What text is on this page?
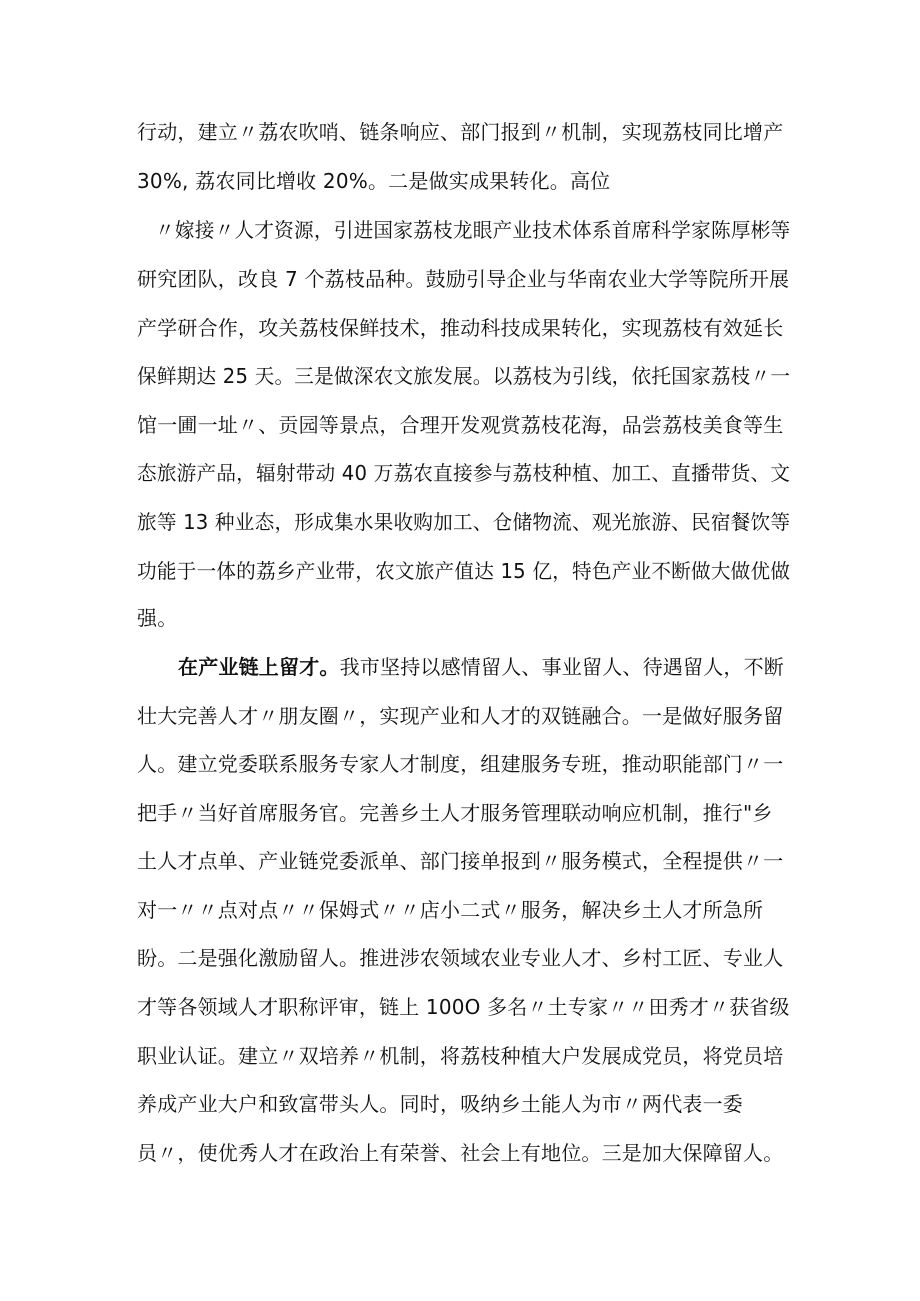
行动，建立〃荔农吹哨、链条响应、部门报到〃机制，实现荔枝同比增产
30%, 荔农同比增收 20%。二是做实成果转化。高位
〃嫁接〃人才资源，引进国家荔枝龙眼产业技术体系首席科学家陈厚彬等
研究团队，改良 7 个荔枝品种。鼓励引导企业与华南农业大学等院所开展
产学研合作，攻关荔枝保鲜技术，推动科技成果转化，实现荔枝有效延长
保鲜期达 25 天。三是做深农文旅发展。以荔枝为引线，依托国家荔枝〃一
馆一圃一址〃、贡园等景点，合理开发观赏荔枝花海，品尝荔枝美食等生
态旅游产品，辐射带动 40 万荔农直接参与荔枝种植、加工、直播带货、文
旅等 13 种业态，形成集水果收购加工、仓储物流、观光旅游、民宿餐饮等
功能于一体的荔乡产业带，农文旅产值达 15 亿，特色产业不断做大做优做
强。
在产业链上留才。我市坚持以感情留人、事业留人、待遇留人，不断
壮大完善人才〃朋友圈〃，实现产业和人才的双链融合。一是做好服务留
人。建立党委联系服务专家人才制度，组建服务专班，推动职能部门〃一
把手〃当好首席服务官。完善乡土人才服务管理联动响应机制，推行"乡
土人才点单、产业链党委派单、部门接单报到〃服务模式，全程提供〃一
对一〃〃点对点〃〃保姆式〃〃店小二式〃服务，解决乡土人才所急所
盼。二是强化激励留人。推进涉农领域农业专业人才、乡村工匠、专业人
才等各领域人才职称评审，链上 100O 多名〃土专家〃〃田秀才〃获省级
职业认证。建立〃双培养〃机制，将荔枝种植大户发展成党员，将党员培
养成产业大户和致富带头人。同时，吸纳乡土能人为市〃两代表一委
员〃，使优秀人才在政治上有荣誉、社会上有地位。三是加大保障留人。
